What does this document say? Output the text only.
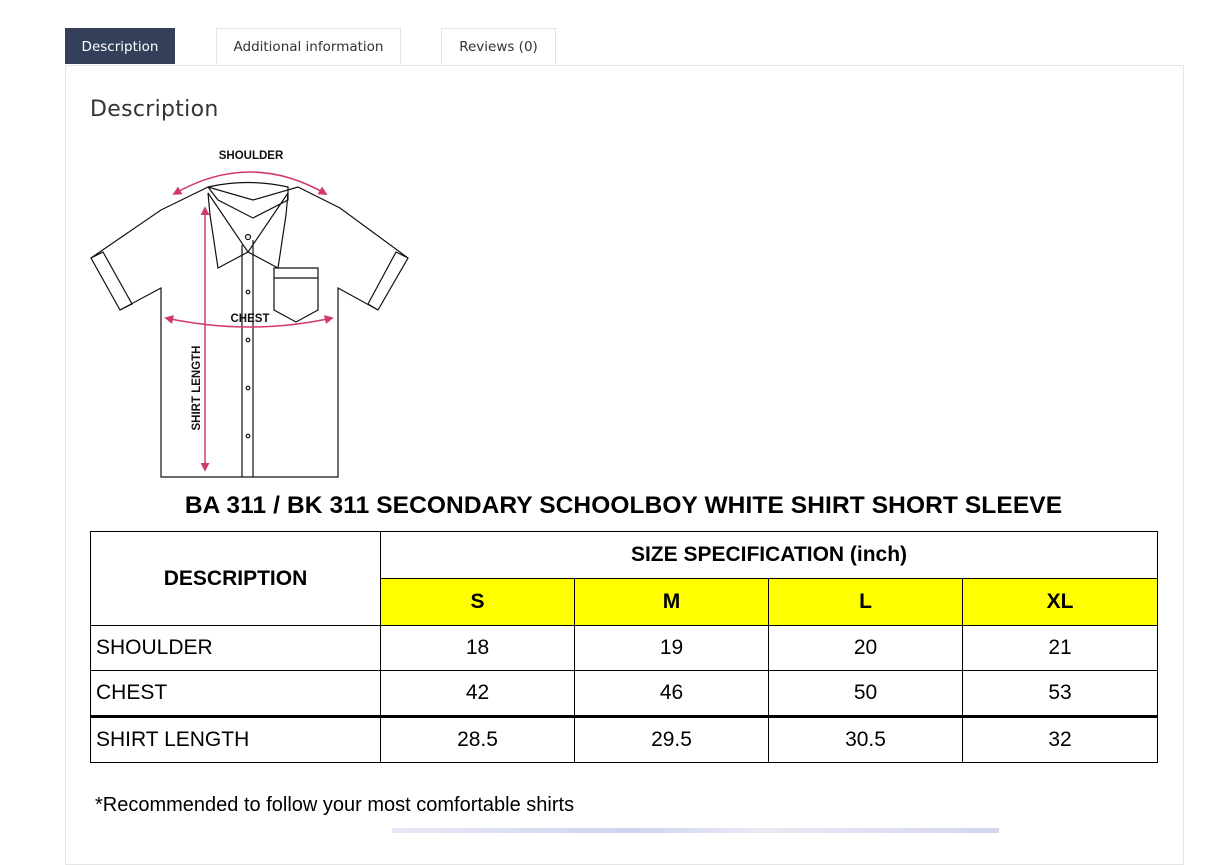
Description	Additional information	Reviews (0)
Description
SHOULDER
CHEST
SHIRT LENGTH
BA 311 / BK 311 SECONDARY SCHOOLBOY WHITE SHIRT SHORT SLEEVE
DESCRIPTION	SIZE SPECIFICATION (inch)			
	S	M	L	XL
SHOULDER	18	19	20	21
CHEST	42	46	50	53
SHIRT LENGTH	28.5	29.5	30.5	32
*Recommended to follow your most comfortable shirts
